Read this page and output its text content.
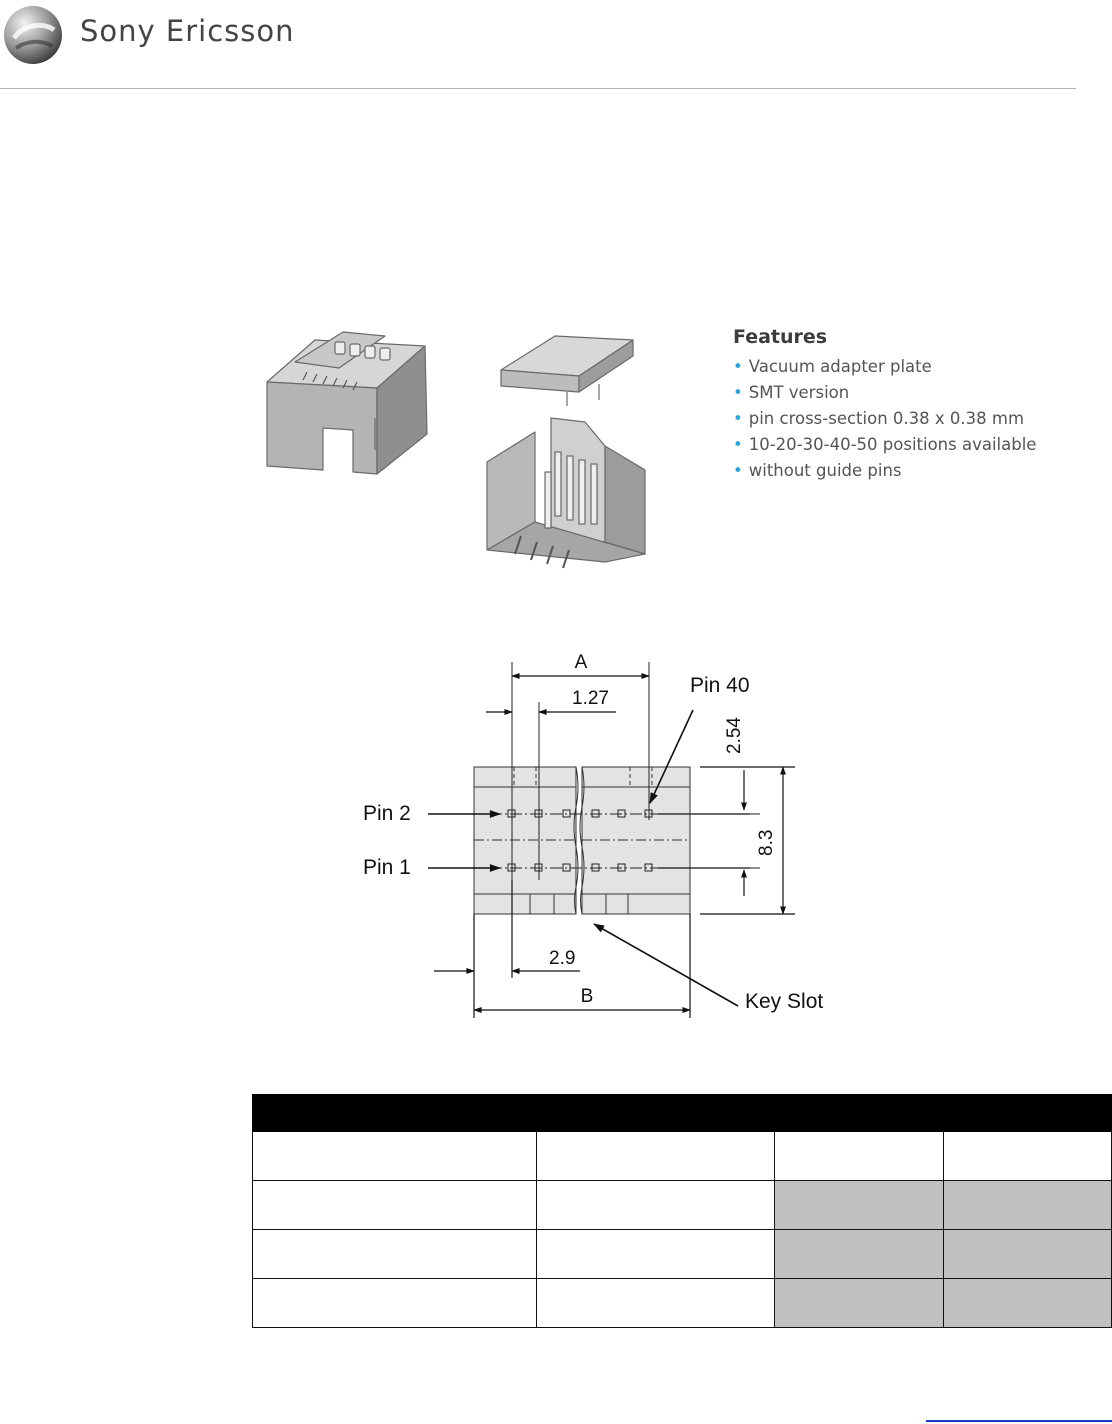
Sony Ericsson
Features
• Vacuum adapter plate
• SMT version
• pin cross-section 0.38 x 0.38 mm
• 10-20-30-40-50 positions available
• without guide pins
A
1.27
Pin 40
2.54
8.3
Pin 2
Pin 1
2.9
B	Key Slot
